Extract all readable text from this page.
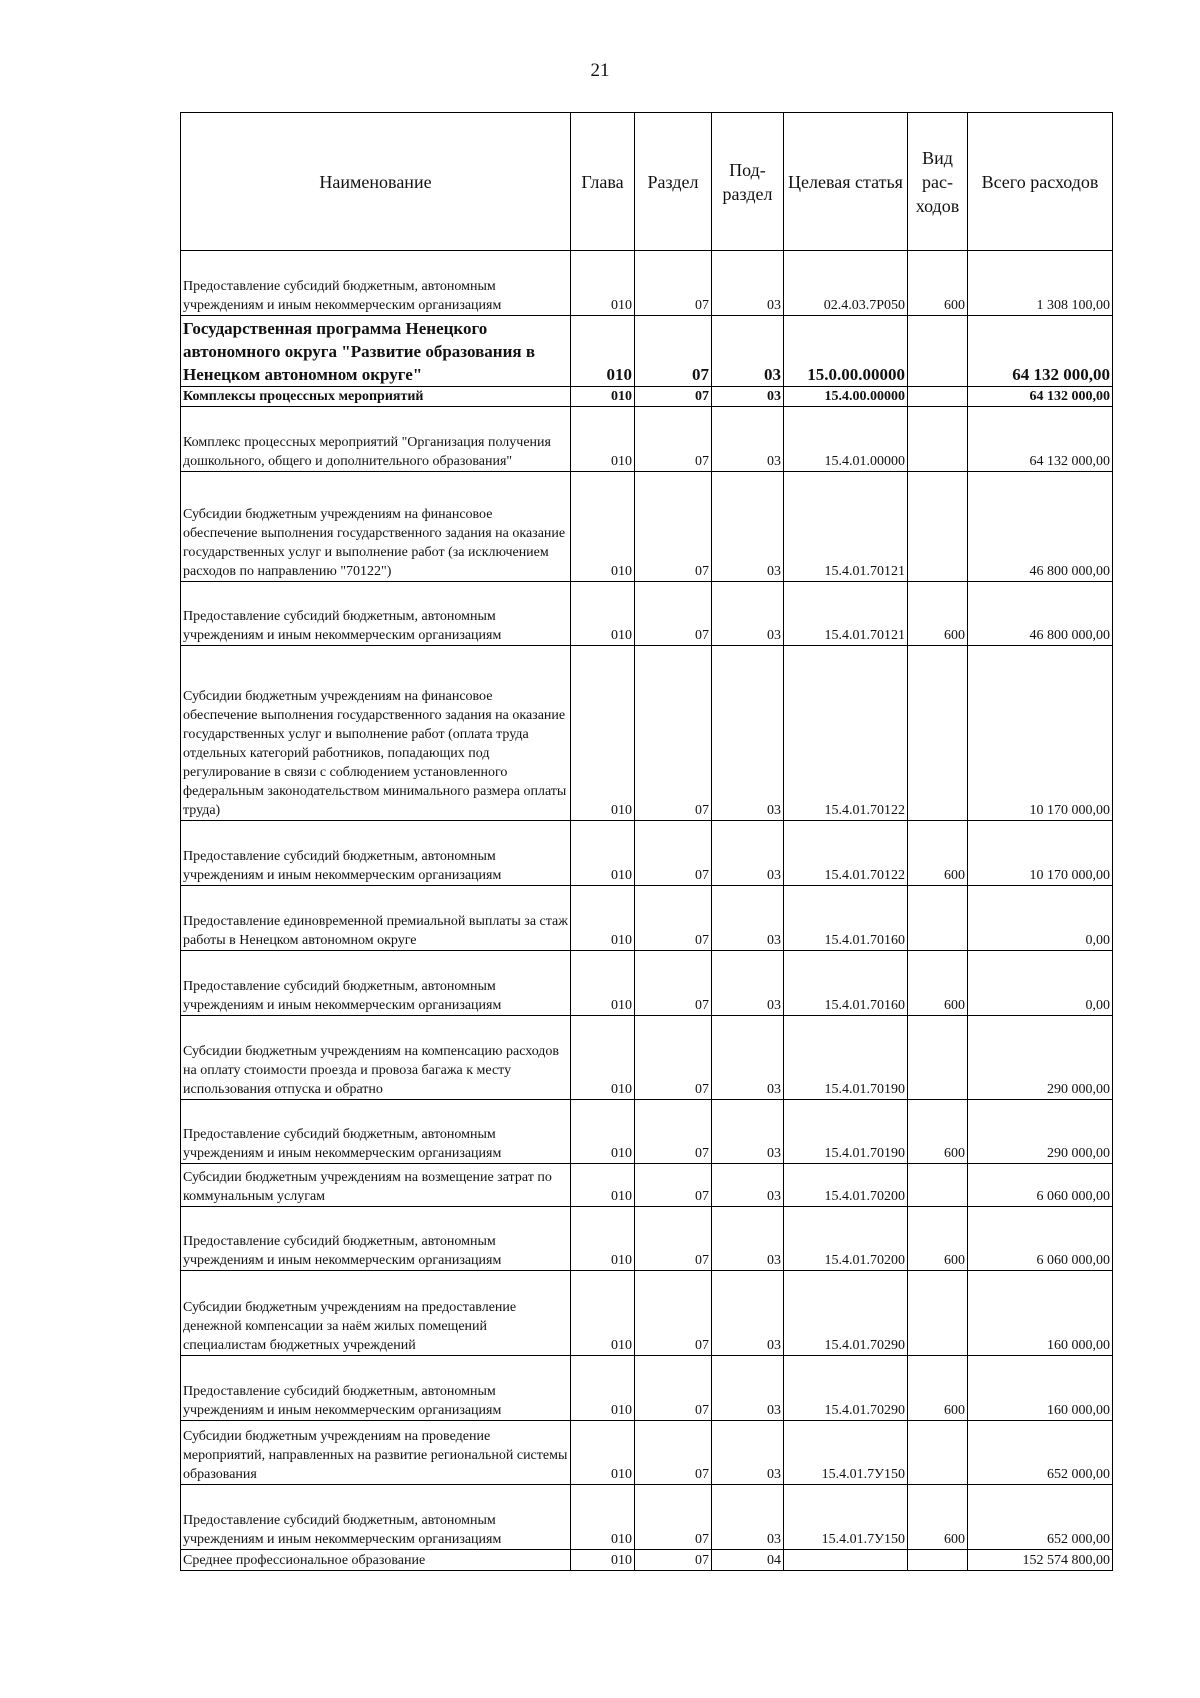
21
Наименование	Глава	Раздел	Под-раздел	Целевая статья	Вид рас-ходов	Всего расходов
Предоставление субсидий бюджетным, автономным учреждениям и иным некоммерческим организациям	010	07	03	02.4.03.7Р050	600	1 308 100,00
Государственная программа Ненецкого автономного округа "Развитие образования в Ненецком автономном округе"	010	07	03	15.0.00.00000		64 132 000,00
Комплексы процессных мероприятий	010	07	03	15.4.00.00000		64 132 000,00
Комплекс процессных мероприятий "Организация получения дошкольного, общего и дополнительного образования"	010	07	03	15.4.01.00000		64 132 000,00
Субсидии бюджетным учреждениям на финансовое обеспечение выполнения государственного задания на оказание государственных услуг и выполнение работ (за исключением расходов по направлению "70122")	010	07	03	15.4.01.70121		46 800 000,00
Предоставление субсидий бюджетным, автономным учреждениям и иным некоммерческим организациям	010	07	03	15.4.01.70121	600	46 800 000,00
Субсидии бюджетным учреждениям на финансовое обеспечение выполнения государственного задания на оказание государственных услуг и выполнение работ (оплата труда отдельных категорий работников, попадающих под регулирование в связи с соблюдением установленного федеральным законодательством минимального размера оплаты труда)	010	07	03	15.4.01.70122		10 170 000,00
Предоставление субсидий бюджетным, автономным учреждениям и иным некоммерческим организациям	010	07	03	15.4.01.70122	600	10 170 000,00
Предоставление единовременной премиальной выплаты за стаж работы в Ненецком автономном округе	010	07	03	15.4.01.70160		0,00
Предоставление субсидий бюджетным, автономным учреждениям и иным некоммерческим организациям	010	07	03	15.4.01.70160	600	0,00
Субсидии бюджетным учреждениям на компенсацию расходов на оплату стоимости проезда и провоза багажа к месту использования отпуска и обратно	010	07	03	15.4.01.70190		290 000,00
Предоставление субсидий бюджетным, автономным учреждениям и иным некоммерческим организациям	010	07	03	15.4.01.70190	600	290 000,00
Субсидии бюджетным учреждениям на возмещение затрат по коммунальным услугам	010	07	03	15.4.01.70200		6 060 000,00
Предоставление субсидий бюджетным, автономным учреждениям и иным некоммерческим организациям	010	07	03	15.4.01.70200	600	6 060 000,00
Субсидии бюджетным учреждениям на предоставление денежной компенсации за наём жилых помещений специалистам бюджетных учреждений	010	07	03	15.4.01.70290		160 000,00
Предоставление субсидий бюджетным, автономным учреждениям и иным некоммерческим организациям	010	07	03	15.4.01.70290	600	160 000,00
Субсидии бюджетным учреждениям на проведение мероприятий, направленных на развитие региональной системы образования	010	07	03	15.4.01.7У150		652 000,00
Предоставление субсидий бюджетным, автономным учреждениям и иным некоммерческим организациям	010	07	03	15.4.01.7У150	600	652 000,00
Среднее профессиональное образование	010	07	04			152 574 800,00
